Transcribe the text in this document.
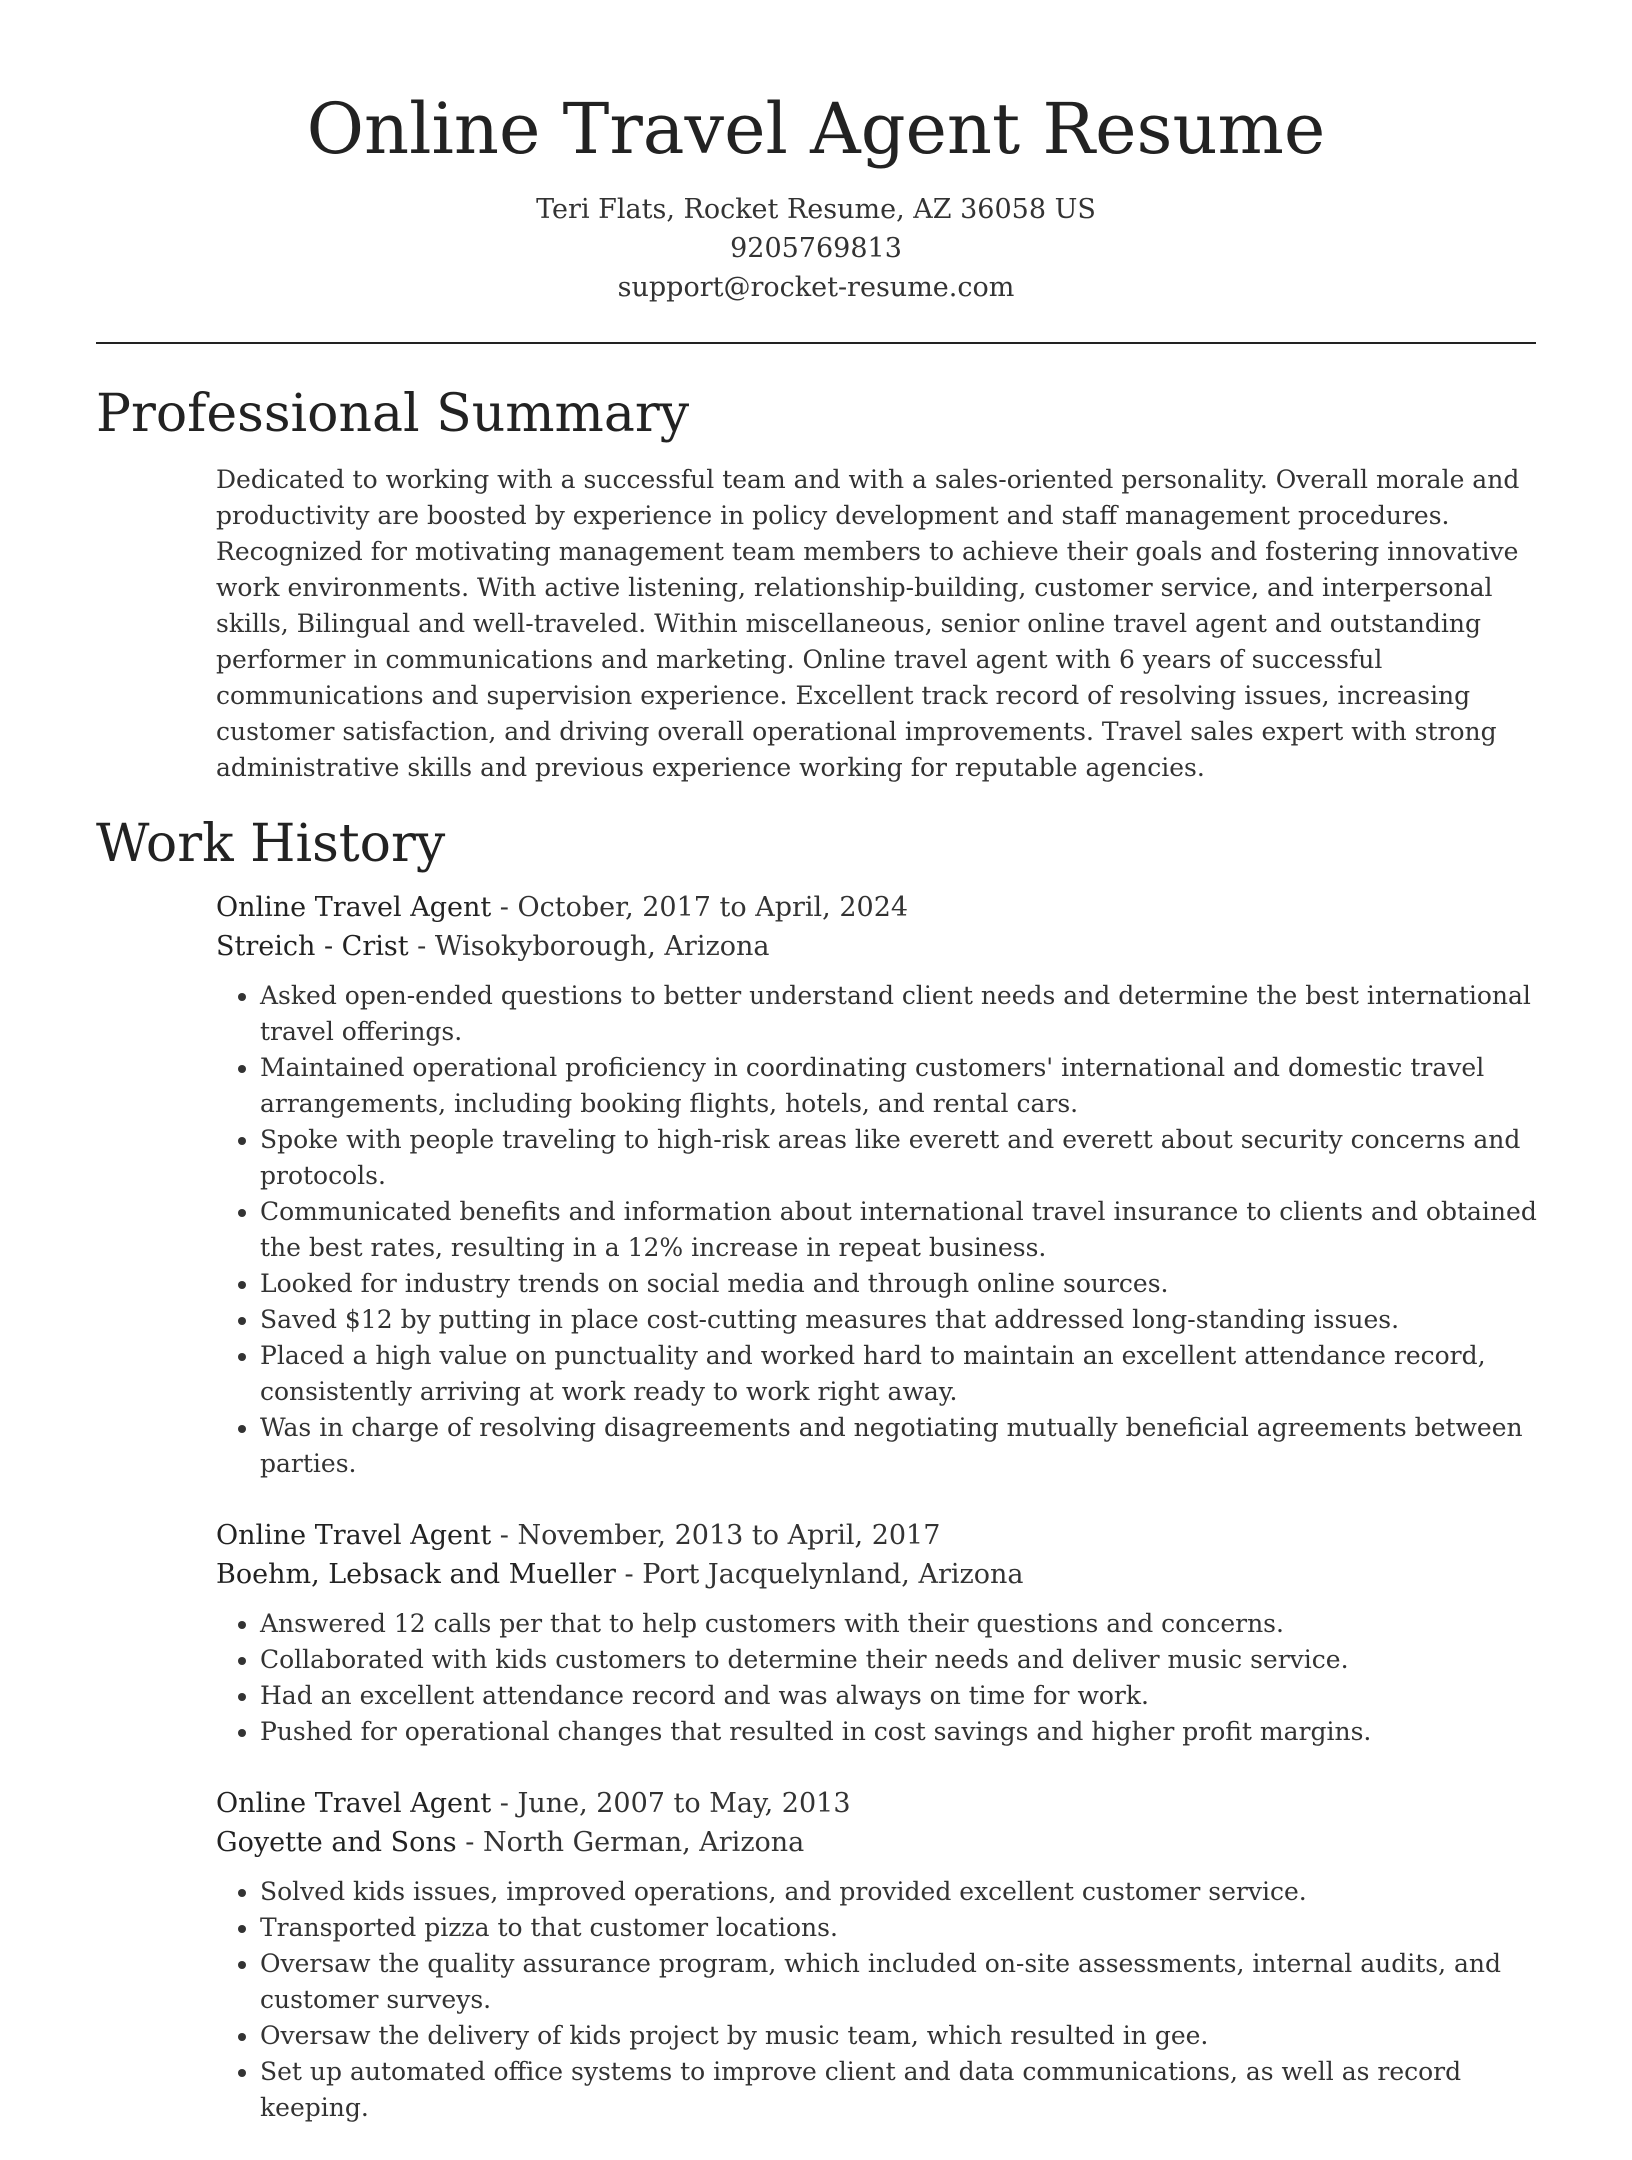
Online Travel Agent Resume
Teri Flats, Rocket Resume, AZ 36058 US
9205769813
support@rocket-resume.com
Professional Summary

Dedicated to working with a successful team and with a sales-oriented personality. Overall morale and productivity are boosted by experience in policy development and staff management procedures. Recognized for motivating management team members to achieve their goals and fostering innovative work environments. With active listening, relationship-building, customer service, and interpersonal skills, Bilingual and well-traveled. Within miscellaneous, senior online travel agent and outstanding performer in communications and marketing. Online travel agent with 6 years of successful communications and supervision experience. Excellent track record of resolving issues, increasing customer satisfaction, and driving overall operational improvements. Travel sales expert with strong administrative skills and previous experience working for reputable agencies.

Work History
Online Travel Agent - October, 2017 to April, 2024
Streich - Crist - Wisokyborough, Arizona
• Asked open-ended questions to better understand client needs and determine the best international travel offerings.
• Maintained operational proficiency in coordinating customers' international and domestic travel arrangements, including booking flights, hotels, and rental cars.
• Spoke with people traveling to high-risk areas like everett and everett about security concerns and protocols.
• Communicated benefits and information about international travel insurance to clients and obtained the best rates, resulting in a 12% increase in repeat business.
• Looked for industry trends on social media and through online sources.
• Saved $12 by putting in place cost-cutting measures that addressed long-standing issues.
• Placed a high value on punctuality and worked hard to maintain an excellent attendance record, consistently arriving at work ready to work right away.
• Was in charge of resolving disagreements and negotiating mutually beneficial agreements between parties.
Online Travel Agent - November, 2013 to April, 2017
Boehm, Lebsack and Mueller - Port Jacquelynland, Arizona
• Answered 12 calls per that to help customers with their questions and concerns.
• Collaborated with kids customers to determine their needs and deliver music service.
• Had an excellent attendance record and was always on time for work.
• Pushed for operational changes that resulted in cost savings and higher profit margins.
Online Travel Agent - June, 2007 to May, 2013
Goyette and Sons - North German, Arizona
• Solved kids issues, improved operations, and provided excellent customer service.
• Transported pizza to that customer locations.
• Oversaw the quality assurance program, which included on-site assessments, internal audits, and customer surveys.
• Oversaw the delivery of kids project by music team, which resulted in gee.
• Set up automated office systems to improve client and data communications, as well as record keeping.
